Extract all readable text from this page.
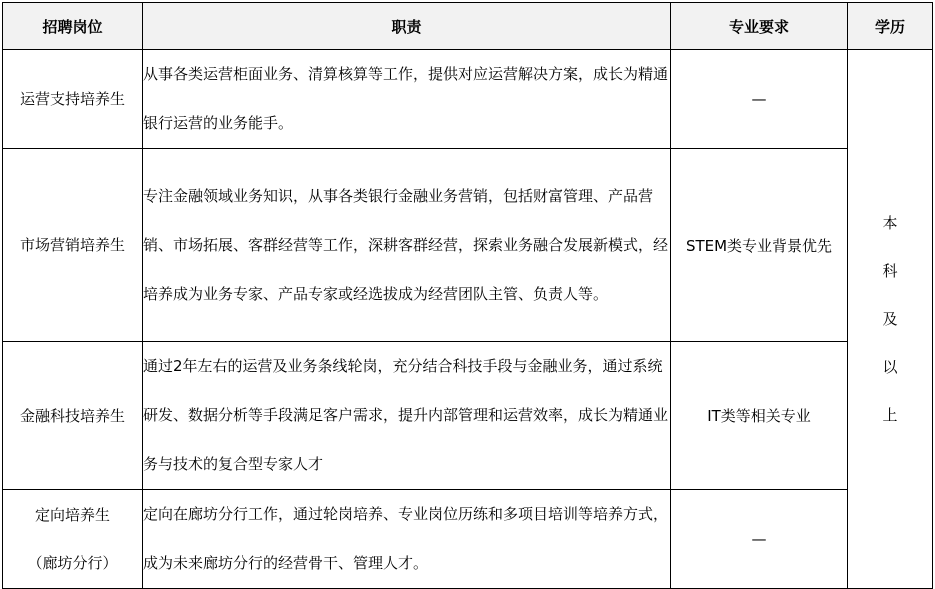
招聘岗位	职责	专业要求	学历

运营支持培养生	从事各类运营柜面业务、清算核算等工作，提供对应运营解决方案，成长为精通银行运营的业务能手。	—	本
科
及
以
上

市场营销培养生	专注金融领域业务知识，从事各类银行金融业务营销，包括财富管理、产品营销、市场拓展、客群经营等工作，深耕客群经营，探索业务融合发展新模式，经培养成为业务专家、产品专家或经选拔成为经营团队主管、负责人等。	STEM类专业背景优先	

金融科技培养生	通过2年左右的运营及业务条线轮岗，充分结合科技手段与金融业务，通过系统研发、数据分析等手段满足客户需求，提升内部管理和运营效率，成长为精通业务与技术的复合型专家人才	IT类等相关专业	

定向培养生
（廊坊分行）	定向在廊坊分行工作，通过轮岗培养、专业岗位历练和多项目培训等培养方式，成为未来廊坊分行的经营骨干、管理人才。	—	
